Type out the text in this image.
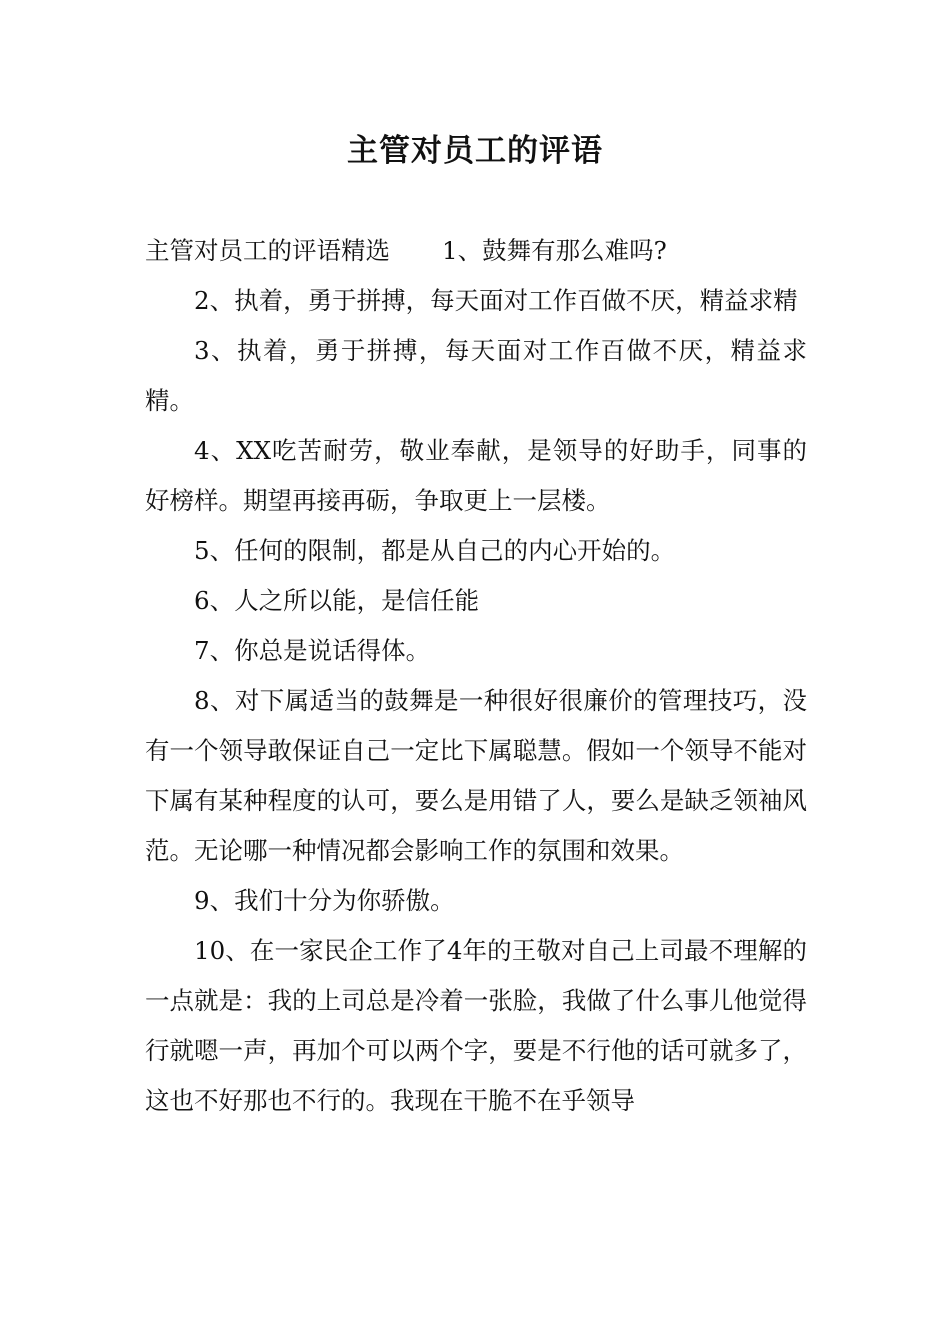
主管对员工的评语

主管对员工的评语精选 1、鼓舞有那么难吗?

2、执着，勇于拼搏，每天面对工作百做不厌，精益求精

3、执着，勇于拼搏，每天面对工作百做不厌，精益求精。

4、XX吃苦耐劳，敬业奉献，是领导的好助手，同事的好榜样。期望再接再砺，争取更上一层楼。

5、任何的限制，都是从自己的内心开始的。

6、人之所以能，是信任能

7、你总是说话得体。

8、对下属适当的鼓舞是一种很好很廉价的管理技巧，没有一个领导敢保证自己一定比下属聪慧。假如一个领导不能对下属有某种程度的认可，要么是用错了人，要么是缺乏领袖风范。无论哪一种情况都会影响工作的氛围和效果。

9、我们十分为你骄傲。

10、在一家民企工作了4年的王敬对自己上司最不理解的一点就是：我的上司总是冷着一张脸，我做了什么事儿他觉得行就嗯一声，再加个可以两个字，要是不行他的话可就多了，这也不好那也不行的。我现在干脆不在乎领导
